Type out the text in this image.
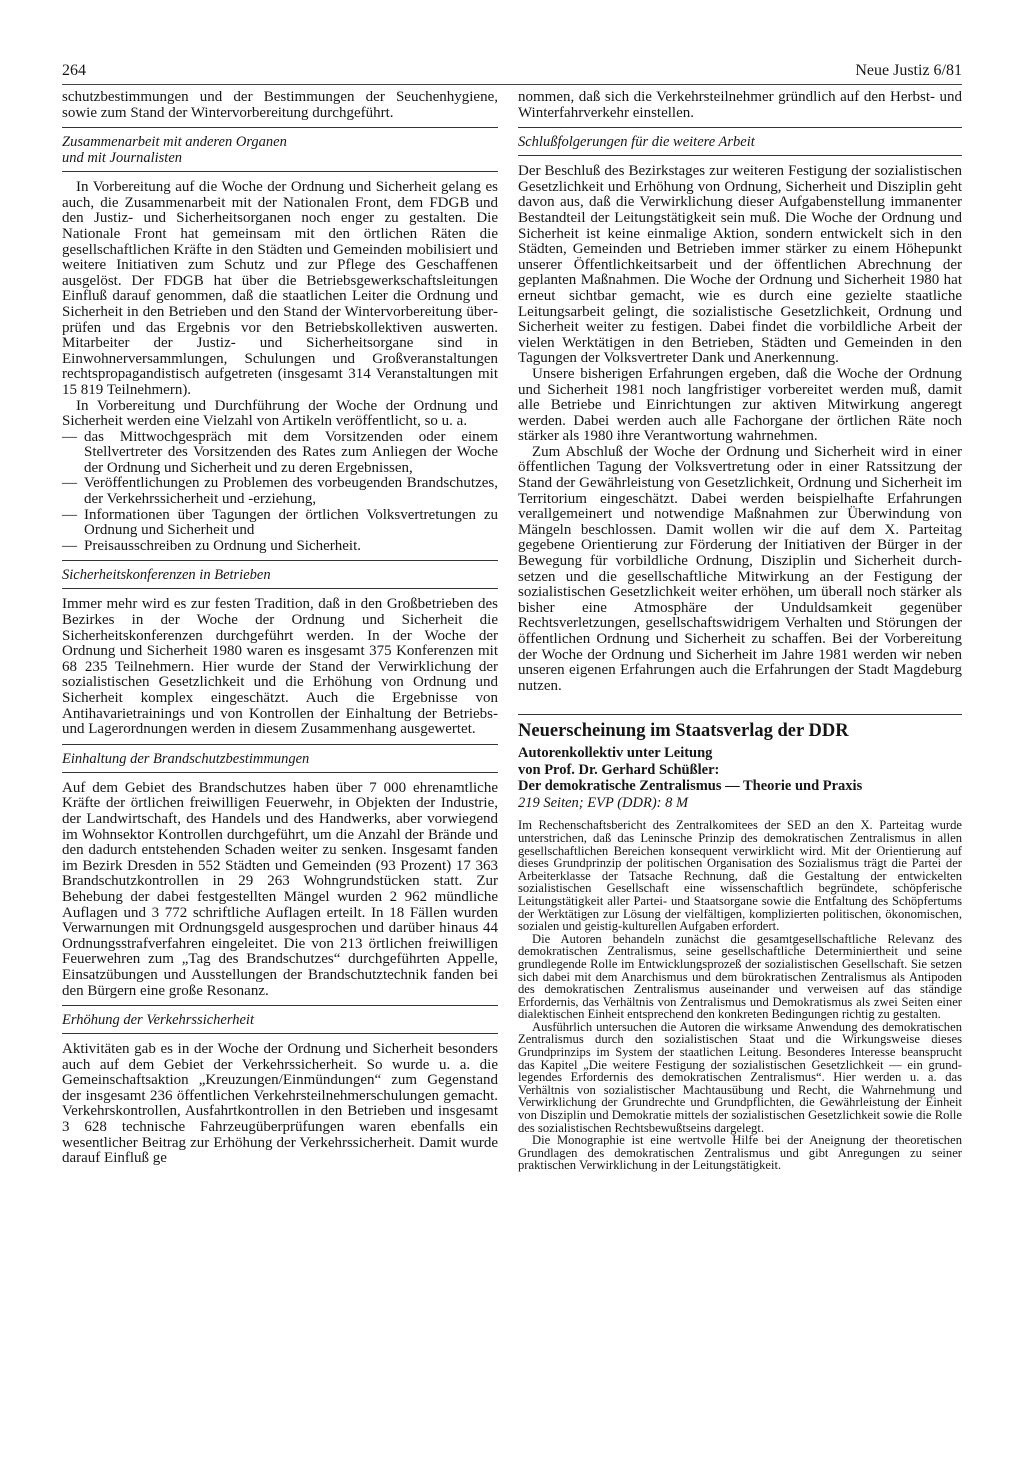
264	Neue Justiz 6/81

schutzbestimmungen und der Bestimmungen der Seuchenhygiene, sowie zum Stand der Wintervorbereitung durchgeführt.

Zusammenarbeit mit anderen Organen
und mit Journalisten

In Vorbereitung auf die Woche der Ordnung und Sicherheit gelang es auch, die Zusammenarbeit mit der Nationalen Front, dem FDGB und den Justiz- und Sicherheitsorganen noch enger zu gestalten. Die Nationale Front hat gemeinsam mit den örtlichen Räten die gesellschaftlichen Kräfte in den Städten und Gemeinden mobilisiert und weitere Initiativen zum Schutz und zur Pflege des Geschaffenen ausgelöst. Der FDGB hat über die Betriebsgewerkschaftsleitungen Einfluß darauf genommen, daß die staatlichen Leiter die Ordnung und Sicherheit in den Betrieben und den Stand der Wintervorbereitung überprüfen und das Ergebnis vor den Betriebskollektiven auswerten. Mitarbeiter der Justiz- und Sicherheitsorgane sind in Einwohnerversammlungen, Schulungen und Großveranstaltungen rechtspropagandistisch aufgetreten (insgesamt 314 Veranstaltungen mit 15 819 Teilnehmern).

In Vorbereitung und Durchführung der Woche der Ordnung und Sicherheit werden eine Vielzahl von Artikeln veröffentlicht, so u. a.

— das Mittwochgespräch mit dem Vorsitzenden oder einem Stellvertreter des Vorsitzenden des Rates zum Anliegen der Woche der Ordnung und Sicherheit und zu deren Ergebnissen,
— Veröffentlichungen zu Problemen des vorbeugenden Brandschutzes, der Verkehrssicherheit und -erziehung,
— Informationen über Tagungen der örtlichen Volksvertretungen zu Ordnung und Sicherheit und
— Preisausschreiben zu Ordnung und Sicherheit.
Sicherheitskonferenzen in Betrieben

Immer mehr wird es zur festen Tradition, daß in den Großbetrieben des Bezirkes in der Woche der Ordnung und Sicherheit die Sicherheitskonferenzen durchgeführt werden. In der Woche der Ordnung und Sicherheit 1980 waren es insgesamt 375 Konferenzen mit 68 235 Teilnehmern. Hier wurde der Stand der Verwirklichung der sozialistischen Gesetzlichkeit und die Erhöhung von Ordnung und Sicherheit komplex eingeschätzt. Auch die Ergebnisse von Antihavarietrainings und von Kontrollen der Einhaltung der Betriebs- und Lagerordnungen werden in diesem Zusammenhang ausgewertet.

Einhaltung der Brandschutzbestimmungen

Auf dem Gebiet des Brandschutzes haben über 7 000 ehrenamtliche Kräfte der örtlichen freiwilligen Feuerwehr, in Objekten der Industrie, der Landwirtschaft, des Handels und des Handwerks, aber vorwiegend im Wohnsektor Kontrollen durchgeführt, um die Anzahl der Brände und den dadurch entstehenden Schaden weiter zu senken. Insgesamt fanden im Bezirk Dresden in 552 Städten und Gemeinden (93 Prozent) 17 363 Brandschutzkontrollen in 29 263 Wohngrundstücken statt. Zur Behebung der dabei festgestellten Mängel wurden 2 962 mündliche Auflagen und 3 772 schriftliche Auflagen erteilt. In 18 Fällen wurden Verwarnungen mit Ordnungsgeld ausgesprochen und darüber hinaus 44 Ordnungsstrafverfahren eingeleitet. Die von 213 örtlichen freiwilligen Feuerwehren zum „Tag des Brandschutzes“ durchgeführten Appelle, Einsatzübungen und Ausstellungen der Brandschutztechnik fanden bei den Bürgern eine große Resonanz.

Erhöhung der Verkehrssicherheit

Aktivitäten gab es in der Woche der Ordnung und Sicherheit besonders auch auf dem Gebiet der Verkehrssicherheit. So wurde u. a. die Gemeinschaftsaktion „Kreuzungen/Einmündungen“ zum Gegenstand der insgesamt 236 öffentlichen Verkehrsteilnehmerschulungen gemacht. Verkehrskontrollen, Ausfahrtkontrollen in den Betrieben und insgesamt 3 628 technische Fahrzeugüberprüfungen waren ebenfalls ein wesentlicher Beitrag zur Erhöhung der Verkehrssicherheit. Damit wurde darauf Einfluß ge

nommen, daß sich die Verkehrsteilnehmer gründlich auf den Herbst- und Winterfahrverkehr einstellen.

Schlußfolgerungen für die weitere Arbeit

Der Beschluß des Bezirkstages zur weiteren Festigung der sozialistischen Gesetzlichkeit und Erhöhung von Ordnung, Sicherheit und Disziplin geht davon aus, daß die Verwirklichung dieser Aufgabenstellung immanenter Bestandteil der Leitungstätigkeit sein muß. Die Woche der Ordnung und Sicherheit ist keine einmalige Aktion, sondern entwickelt sich in den Städten, Gemeinden und Betrieben immer stärker zu einem Höhepunkt unserer Öffentlichkeitsarbeit und der öffentlichen Abrechnung der geplanten Maßnahmen. Die Woche der Ordnung und Sicherheit 1980 hat erneut sichtbar gemacht, wie es durch eine gezielte staatliche Leitungsarbeit gelingt, die sozialistische Gesetzlichkeit, Ordnung und Sicherheit weiter zu festigen. Dabei findet die vorbildliche Arbeit der vielen Werktätigen in den Betrieben, Städten und Gemeinden in den Tagungen der Volksvertreter Dank und Anerkennung.

Unsere bisherigen Erfahrungen ergeben, daß die Woche der Ordnung und Sicherheit 1981 noch langfristiger vorbereitet werden muß, damit alle Betriebe und Einrichtungen zur aktiven Mitwirkung angeregt werden. Dabei werden auch alle Fachorgane der örtlichen Räte noch stärker als 1980 ihre Verantwortung wahrnehmen.

Zum Abschluß der Woche der Ordnung und Sicherheit wird in einer öffentlichen Tagung der Volksvertretung oder in einer Ratssitzung der Stand der Gewährleistung von Gesetzlichkeit, Ordnung und Sicherheit im Territorium eingeschätzt. Dabei werden beispielhafte Erfahrungen verallgemeinert und notwendige Maßnahmen zur Überwindung von Mängeln beschlossen. Damit wollen wir die auf dem X. Parteitag gegebene Orientierung zur Förderung der Initiativen der Bürger in der Bewegung für vorbildliche Ordnung, Disziplin und Sicherheit durchsetzen und die gesellschaftliche Mitwirkung an der Festigung der sozialistischen Gesetzlichkeit weiter erhöhen, um überall noch stärker als bisher eine Atmosphäre der Unduldsamkeit gegenüber Rechtsverletzungen, gesellschaftswidrigem Verhalten und Störungen der öffentlichen Ordnung und Sicherheit zu schaffen. Bei der Vorbereitung der Woche der Ordnung und Sicherheit im Jahre 1981 werden wir neben unseren eigenen Erfahrungen auch die Erfahrungen der Stadt Magdeburg nutzen.

Neuerscheinung im Staatsverlag der DDR
Autorenkollektiv unter Leitung
von Prof. Dr. Gerhard Schüßler:
Der demokratische Zentralismus — Theorie und Praxis
219 Seiten; EVP (DDR): 8 M

Im Rechenschaftsbericht des Zentralkomitees der SED an den X. Parteitag wurde unterstrichen, daß das Leninsche Prinzip des demokratischen Zentralismus in allen gesellschaftlichen Bereichen konsequent verwirklicht wird. Mit der Orientierung auf dieses Grundprinzip der politischen Organisation des Sozialismus trägt die Partei der Arbeiterklasse der Tatsache Rechnung, daß die Gestaltung der entwickelten sozialistischen Gesellschaft eine wissenschaftlich begründete, schöpferische Leitungstätigkeit aller Partei- und Staatsorgane sowie die Entfaltung des Schöpfertums der Werktätigen zur Lösung der vielfältigen, komplizierten politischen, ökonomischen, sozialen und geistig-kulturellen Aufgaben erfordert.

Die Autoren behandeln zunächst die gesamtgesellschaftliche Relevanz des demokratischen Zentralismus, seine gesellschaftliche Determiniertheit und seine grundlegende Rolle im Entwicklungsprozeß der sozialistischen Gesellschaft. Sie setzen sich dabei mit dem Anarchismus und dem bürokratischen Zentralismus als Antipoden des demokratischen Zentralismus auseinander und verweisen auf das ständige Erfordernis, das Verhältnis von Zentralismus und Demokratismus als zwei Seiten einer dialektischen Einheit entsprechend den konkreten Bedingungen richtig zu gestalten.

Ausführlich untersuchen die Autoren die wirksame Anwendung des demokratischen Zentralismus durch den sozialistischen Staat und die Wirkungsweise dieses Grundprinzips im System der staatlichen Leitung. Besonderes Interesse beansprucht das Kapitel „Die weitere Festigung der sozialistischen Gesetzlichkeit — ein grundlegendes Erfordernis des demokratischen Zentralismus“. Hier werden u. a. das Verhältnis von sozialistischer Machtausübung und Recht, die Wahrnehmung und Verwirklichung der Grundrechte und Grundpflichten, die Gewährleistung der Einheit von Disziplin und Demokratie mittels der sozialistischen Gesetzlichkeit sowie die Rolle des sozialistischen Rechtsbewußtseins dargelegt.

Die Monographie ist eine wertvolle Hilfe bei der Aneignung der theoretischen Grundlagen des demokratischen Zentralismus und gibt Anregungen zu seiner praktischen Verwirklichung in der Leitungstätigkeit.
